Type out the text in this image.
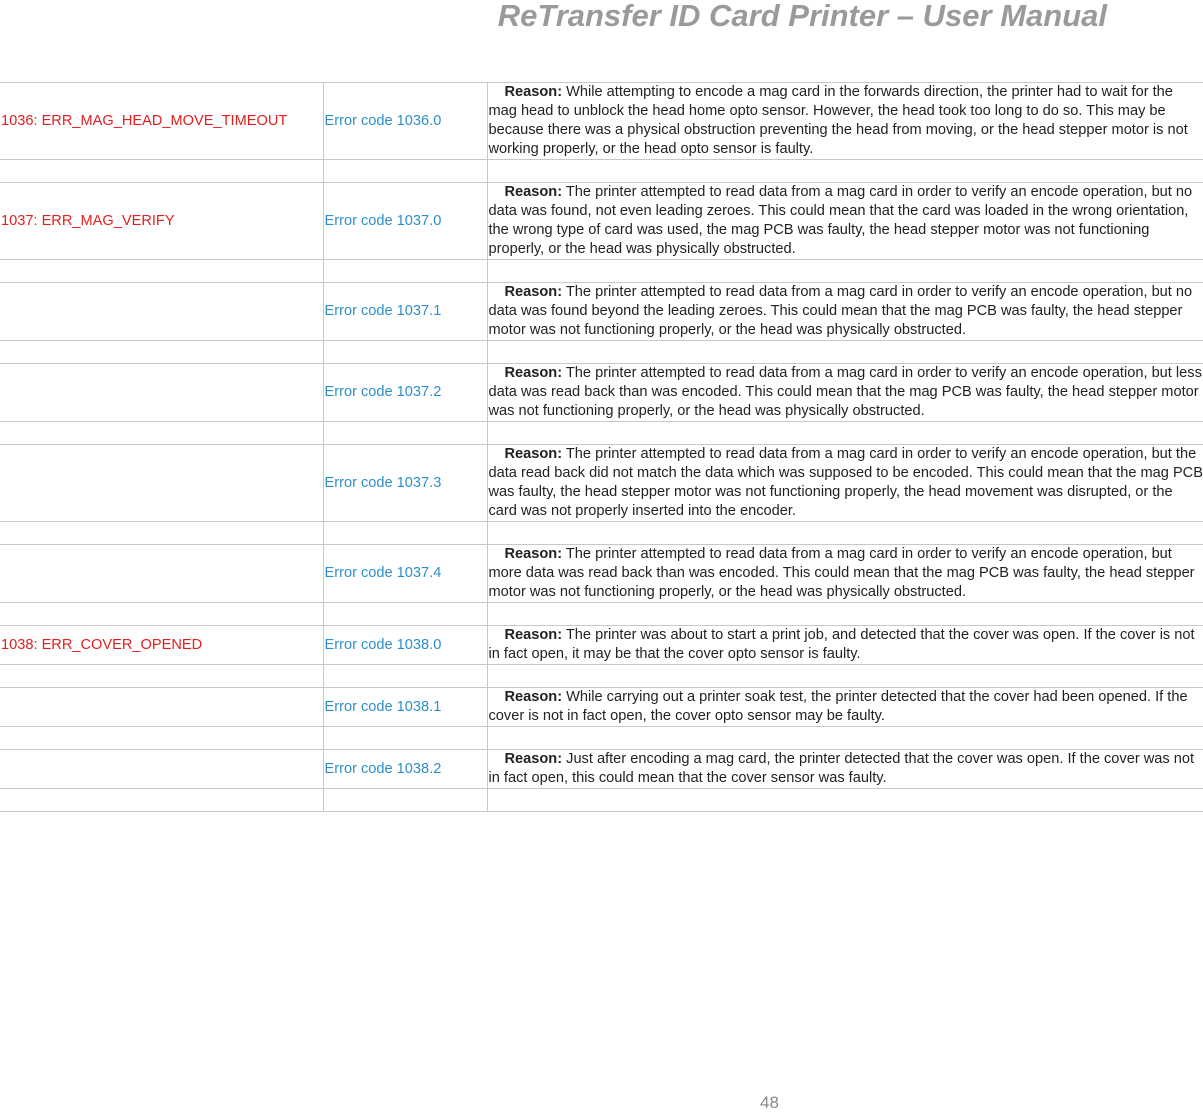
ReTransfer ID Card Printer – User Manual
1036: ERR_MAG_HEAD_MOVE_TIMEOUT	Error code 1036.0	Reason: While attempting to encode a mag card in the forwards direction, the printer had to wait for the mag head to unblock the head home opto sensor. However, the head took too long to do so. This may be because there was a physical obstruction preventing the head from moving, or the head stepper motor is not working properly, or the head opto sensor is faulty.

1037: ERR_MAG_VERIFY	Error code 1037.0	Reason: The printer attempted to read data from a mag card in order to verify an encode operation, but no data was found, not even leading zeroes. This could mean that the card was loaded in the wrong orientation, the wrong type of card was used, the mag PCB was faulty, the head stepper motor was not functioning properly, or the head was physically obstructed.

	Error code 1037.1	Reason: The printer attempted to read data from a mag card in order to verify an encode operation, but no data was found beyond the leading zeroes. This could mean that the mag PCB was faulty, the head stepper motor was not functioning properly, or the head was physically obstructed.

	Error code 1037.2	Reason: The printer attempted to read data from a mag card in order to verify an encode operation, but less data was read back than was encoded. This could mean that the mag PCB was faulty, the head stepper motor was not functioning properly, or the head was physically obstructed.

	Error code 1037.3	Reason: The printer attempted to read data from a mag card in order to verify an encode operation, but the data read back did not match the data which was supposed to be encoded. This could mean that the mag PCB was faulty, the head stepper motor was not functioning properly, the head movement was disrupted, or the card was not properly inserted into the encoder.

	Error code 1037.4	Reason: The printer attempted to read data from a mag card in order to verify an encode operation, but more data was read back than was encoded. This could mean that the mag PCB was faulty, the head stepper motor was not functioning properly, or the head was physically obstructed.

1038: ERR_COVER_OPENED	Error code 1038.0	Reason: The printer was about to start a print job, and detected that the cover was open. If the cover is not in fact open, it may be that the cover opto sensor is faulty.

	Error code 1038.1	Reason: While carrying out a printer soak test, the printer detected that the cover had been opened. If the cover is not in fact open, the cover opto sensor may be faulty.

	Error code 1038.2	Reason: Just after encoding a mag card, the printer detected that the cover was open. If the cover was not in fact open, this could mean that the cover sensor was faulty.

48
